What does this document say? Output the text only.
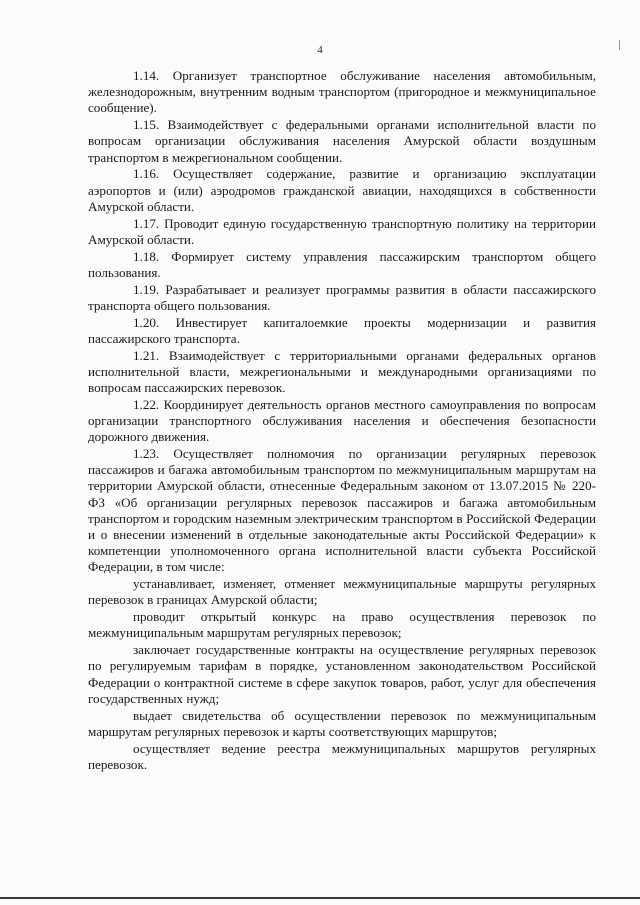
4

1.14. Организует транспортное обслуживание населения автомобильным, железнодорожным, внутренним водным транспортом (пригородное и межмуниципальное сообщение).

1.15. Взаимодействует с федеральными органами исполнительной власти по вопросам организации обслуживания населения Амурской области воздушным транспортом в межрегиональном сообщении.

1.16. Осуществляет содержание, развитие и организацию эксплуатации аэропортов и (или) аэродромов гражданской авиации, находящихся в собственности Амурской области.

1.17. Проводит единую государственную транспортную политику на территории Амурской области.

1.18. Формирует систему управления пассажирским транспортом общего пользования.

1.19. Разрабатывает и реализует программы развития в области пассажирского транспорта общего пользования.

1.20. Инвестирует капиталоемкие проекты модернизации и развития пассажирского транспорта.

1.21. Взаимодействует с территориальными органами федеральных органов исполнительной власти, межрегиональными и международными организациями по вопросам пассажирских перевозок.

1.22. Координирует деятельность органов местного самоуправления по вопросам организации транспортного обслуживания населения и обеспечения безопасности дорожного движения.

1.23. Осуществляет полномочия по организации регулярных перевозок пассажиров и багажа автомобильным транспортом по межмуниципальным маршрутам на территории Амурской области, отнесенные Федеральным законом от 13.07.2015 № 220-ФЗ «Об организации регулярных перевозок пассажиров и багажа автомобильным транспортом и городским наземным электрическим транспортом в Российской Федерации и о внесении изменений в отдельные законодательные акты Российской Федерации» к компетенции уполномоченного органа исполнительной власти субъекта Российской Федерации, в том числе:

устанавливает, изменяет, отменяет межмуниципальные маршруты регулярных перевозок в границах Амурской области;

проводит открытый конкурс на право осуществления перевозок по межмуниципальным маршрутам регулярных перевозок;

заключает государственные контракты на осуществление регулярных перевозок по регулируемым тарифам в порядке, установленном законодательством Российской Федерации о контрактной системе в сфере закупок товаров, работ, услуг для обеспечения государственных нужд;

выдает свидетельства об осуществлении перевозок по межмуниципальным маршрутам регулярных перевозок и карты соответствующих маршрутов;

осуществляет ведение реестра межмуниципальных маршрутов регулярных перевозок.
